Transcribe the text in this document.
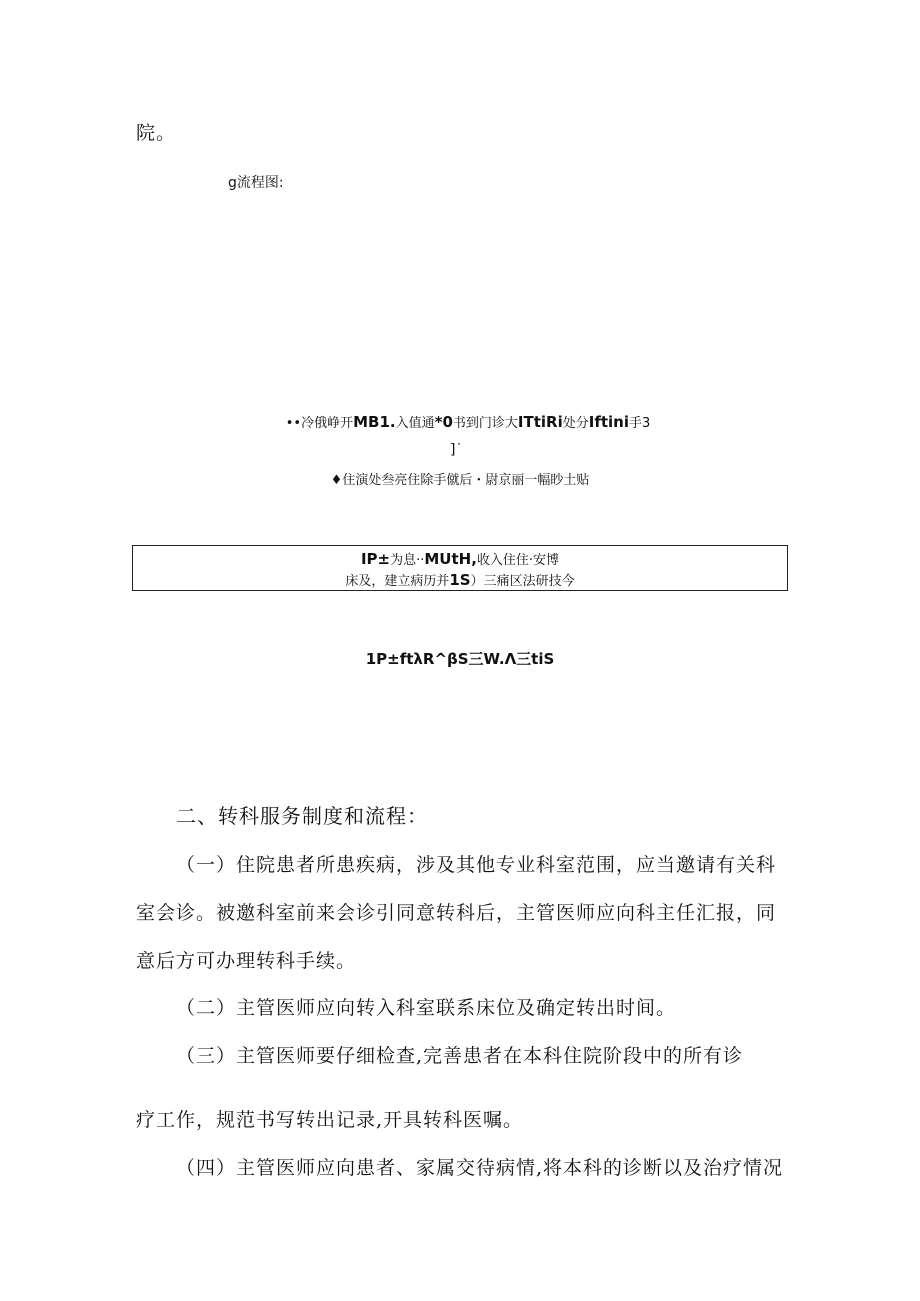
院。
g流程图:
••冷俄峥开MB1.入值通*0书到门诊大ITtiRi处分Iftini手3
]˙
♦住演处叁亮住除手僦后・尉京丽一幅眇土贴
IP±为息··MUtH,收入住住·安博
床及，建立病历并1S）三痛区法研技今
1P±ftλR^βS三W.Λ三tiS
二、转科服务制度和流程：
（一）住院患者所患疾病，涉及其他专业科室范围，应当邀请有关科
室会诊。被邀科室前来会诊引同意转科后，主管医师应向科主任汇报，同
意后方可办理转科手续。
（二）主管医师应向转入科室联系床位及确定转出时间。
（三）主管医师要仔细检查,完善患者在本科住院阶段中的所有诊
疗工作，规范书写转出记录,开具转科医嘱。
（四）主管医师应向患者、家属交待病情,将本科的诊断以及治疗情况
